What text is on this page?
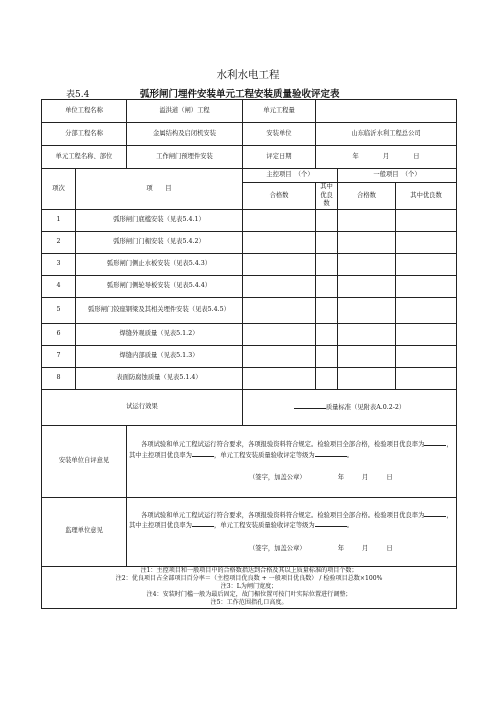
水利水电工程
表5.4	弧形闸门埋件安装单元工程安装质量验收评定表
单位工程名称		溢洪道（闸）工程	单元工程量			
分部工程名称		金属结构及启闭机安装	安装单位	山东临沂水利工程总公司		
单元工程名称、部位		工作闸门预埋件安装	评定日期	年 月 日		
项次	项　　目		主控项目　（个）		一般项目　（个）	
			合格数	其中优良数	合格数	其中优良数
1	弧形闸门底槛安装（见表5.4.1）					
2	弧形闸门门楣安装（见表5.4.2）					
3	弧形闸门侧止水板安装（见表5.4.3）					
4	弧形闸门侧轮导板安装（见表5.4.4）					
5	弧形闸门铰座钢梁及其相关埋件安装（见表5.4.5）					
6	焊缝外观质量（见表5.1.2）					
7	焊缝内部质量（见表5.1.3）					
8	表面防腐蚀质量（见表5.1.4）					
试运行效果			质量标准（见附表A.0.2-2）			
安装单位自评意见		各项试验和单元工程试运行符合要求，各项报验资料符合规定。检验项目全部合格，检验项目优良率为 ，其中主控项目优良率为 ，单元工程安装质量验收评定等级为 。
（签字，加盖公章） 年 月 日				

监理单位意见		各项试验和单元工程试运行符合要求，各项报验资料符合规定。检验项目全部合格。检验项目优良率为 ，其中主控项目优良率为 ，单元工程安装质量验收评定等级为 。
（签字，加盖公章） 年 月 日				

注1：主控项目和一般项目中的合格数指达到合格及其以上质量标准的项目个数；
注2：优良项目占全部项目百分率＝（主控项目优良数 + 一般项目优良数） / 检验项目总数×100%
注3：L为闸门宽度；
注4：安装时门槛一般为最后固定，故门楣位置可按门叶实际位置进行调整；
注5：工作范围指孔口高度。						
